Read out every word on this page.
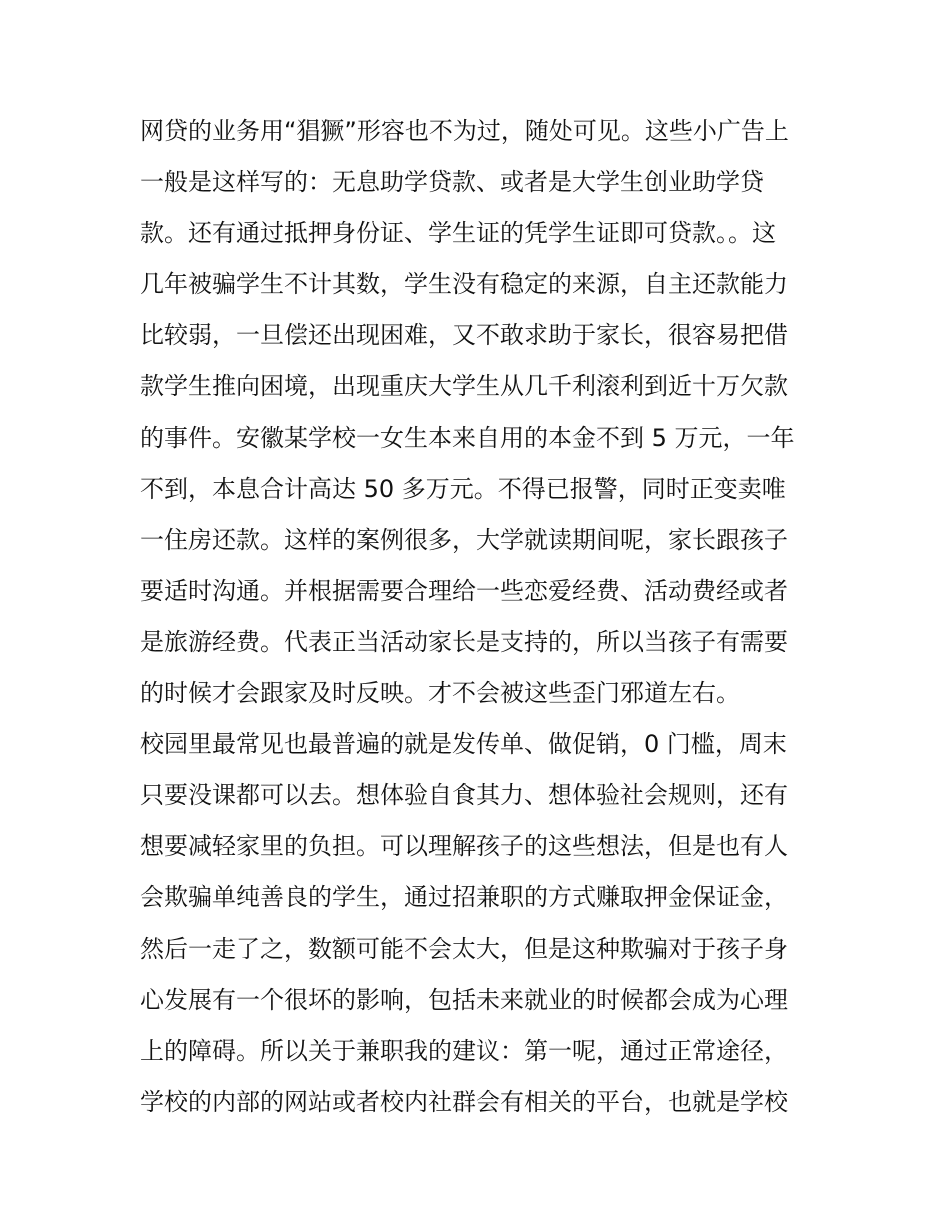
网贷的业务用“猖獗”形容也不为过，随处可见。这些小广告上
一般是这样写的：无息助学贷款、或者是大学生创业助学贷
款。还有通过抵押身份证、学生证的凭学生证即可贷款。。这
几年被骗学生不计其数，学生没有稳定的来源，自主还款能力
比较弱，一旦偿还出现困难，又不敢求助于家长，很容易把借
款学生推向困境，出现重庆大学生从几千利滚利到近十万欠款
的事件。安徽某学校一女生本来自用的本金不到 5 万元，一年
不到，本息合计高达 50 多万元。不得已报警，同时正变卖唯
一住房还款。这样的案例很多，大学就读期间呢，家长跟孩子
要适时沟通。并根据需要合理给一些恋爱经费、活动费经或者
是旅游经费。代表正当活动家长是支持的，所以当孩子有需要
的时候才会跟家及时反映。才不会被这些歪门邪道左右。
校园里最常见也最普遍的就是发传单、做促销，0 门槛，周末
只要没课都可以去。想体验自食其力、想体验社会规则，还有
想要减轻家里的负担。可以理解孩子的这些想法，但是也有人
会欺骗单纯善良的学生，通过招兼职的方式赚取押金保证金，
然后一走了之，数额可能不会太大，但是这种欺骗对于孩子身
心发展有一个很坏的影响，包括未来就业的时候都会成为心理
上的障碍。所以关于兼职我的建议：第一呢，通过正常途径，
学校的内部的网站或者校内社群会有相关的平台，也就是学校
